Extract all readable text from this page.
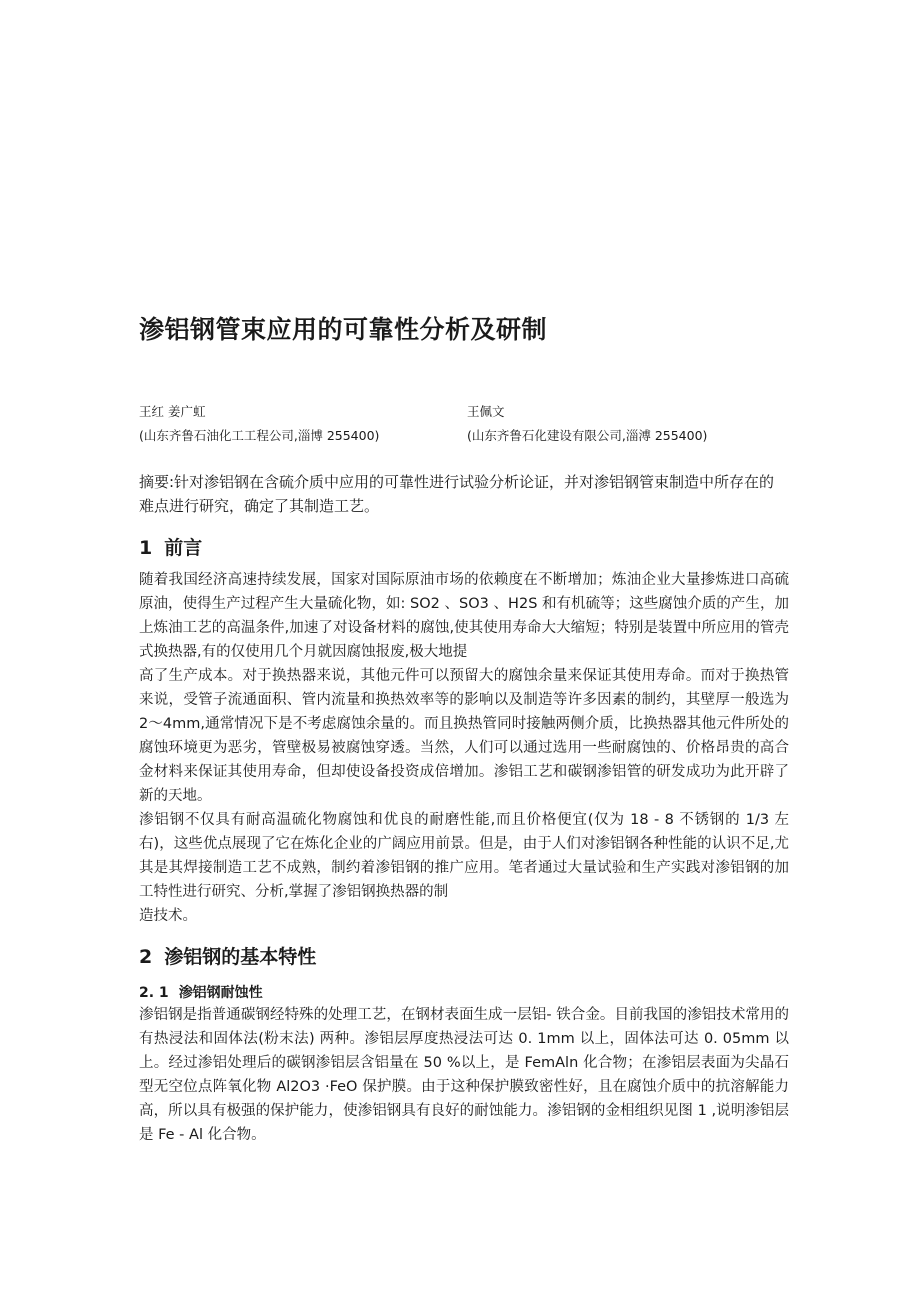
渗铝钢管束应用的可靠性分析及研制
王红 姜广虹
(山东齐鲁石油化工工程公司,淄博 255400)
王佩文
(山东齐鲁石化建设有限公司,淄溥 255400)

摘要:针对渗铝钢在含硫介质中应用的可靠性进行试验分析论证，并对渗铝钢管束制造中所存在的难点进行研究，确定了其制造工艺。

1 前言

随着我国经济高速持续发展，国家对国际原油市场的依赖度在不断增加；炼油企业大量掺炼进口高硫原油，使得生产过程产生大量硫化物，如: SO2 、SO3 、H2S 和有机硫等；这些腐蚀介质的产生，加上炼油工艺的高温条件,加速了对设备材料的腐蚀,使其使用寿命大大缩短；特别是装置中所应用的管壳式换热器,有的仅使用几个月就因腐蚀报废,极大地提

高了生产成本。对于换热器来说，其他元件可以预留大的腐蚀余量来保证其使用寿命。而对于换热管来说，受管子流通面积、管内流量和换热效率等的影响以及制造等许多因素的制约，其壁厚一般选为 2～4mm,通常情况下是不考虑腐蚀余量的。而且换热管同时接触两侧介质，比换热器其他元件所处的腐蚀环境更为恶劣，管壁极易被腐蚀穿透。当然，人们可以通过选用一些耐腐蚀的、价格昂贵的高合金材料来保证其使用寿命，但却使设备投资成倍增加。渗铝工艺和碳钢渗铝管的研发成功为此开辟了新的天地。

渗铝钢不仅具有耐高温硫化物腐蚀和优良的耐磨性能,而且价格便宜(仅为 18 - 8 不锈钢的 1/3 左右)，这些优点展现了它在炼化企业的广阔应用前景。但是，由于人们对渗铝钢各种性能的认识不足,尤其是其焊接制造工艺不成熟，制约着渗铝钢的推广应用。笔者通过大量试验和生产实践对渗铝钢的加工特性进行研究、分析,掌握了渗铝钢换热器的制

造技术。

2 渗铝钢的基本特性
2. 1 渗铝钢耐蚀性

渗铝钢是指普通碳钢经特殊的处理工艺，在钢材表面生成一层铝- 铁合金。目前我国的渗铝技术常用的有热浸法和固体法(粉末法) 两种。渗铝层厚度热浸法可达 0. 1mm 以上，固体法可达 0. 05mm 以上。经过渗铝处理后的碳钢渗铝层含铝量在 50 %以上，是 FemAln 化合物；在渗铝层表面为尖晶石型无空位点阵氧化物 Al2O3 ·FeO 保护膜。由于这种保护膜致密性好，且在腐蚀介质中的抗溶解能力高，所以具有极强的保护能力，使渗铝钢具有良好的耐蚀能力。渗铝钢的金相组织见图 1 ,说明渗铝层是 Fe - Al 化合物。
